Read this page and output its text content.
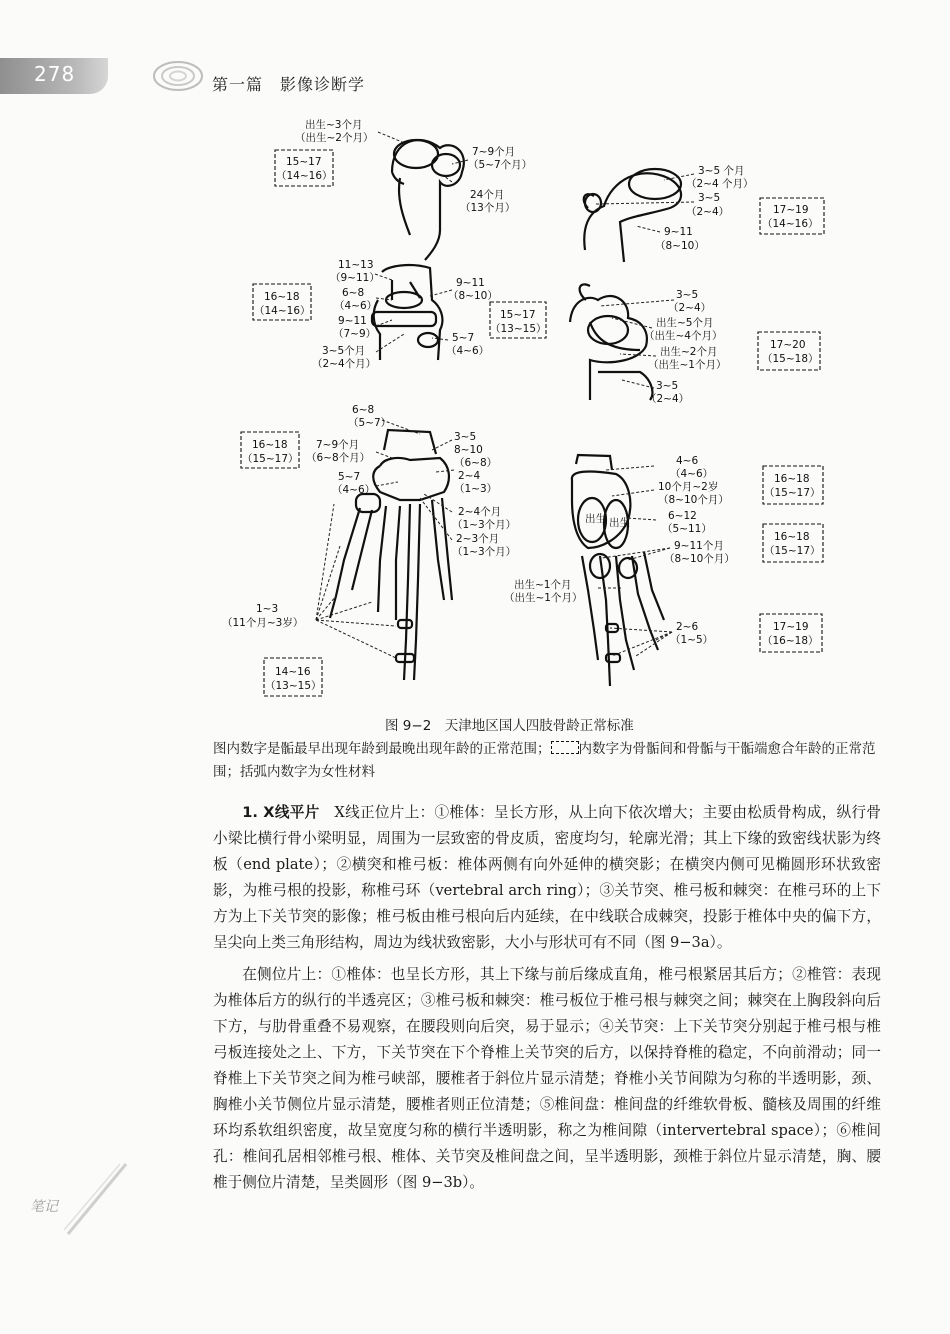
278	第一篇　影像诊断学
出生~3个月
（出生~2个月）
7~9个月
（5~7个月）
24个月
（13个月）
15~17
（14~16）	3~5 个月
（2~4 个月）
3~5
（2~4）
9~11
（8~10）
17~19
（14~16）
11~13
（9~11）
6~8
（4~6）
9~11
（7~9）
3~5个月
（2~4个月）
9~11
（8~10）
5~7
（4~6）
16~18
（14~16）	15~17
（13~15）
3~5
（2~4）
出生~5个月
（出生~4个月）
出生~2个月
（出生~1个月）
3~5
（2~4）
17~20
（15~18）
6~8
（5~7）
7~9个月
（6~8个月）
5~7
（4~6）
3~5
8~10
（6~8）
2~4
（1~3）
2~4个月
（1~3个月）
2~3个月
（1~3个月）
16~18
（15~17）
1~3
（11个月~3岁）
14~16
（13~15）
4~6
（4~6）
10个月~2岁
（8~10个月）
6~12
（5~11）
9~11个月
（8~10个月）
出生~1个月
（出生~1个月）
2~6
（1~5）
出生 出生
16~18
（15~17）
16~18
（15~17）
17~19
（16~18）
图 9−2　天津地区国人四肢骨龄正常标准
图内数字是骺最早出现年龄到最晚出现年龄的正常范围； 内数字为骨骺间和骨骺与干骺端愈合年龄的正常范围；括弧内数字为女性材料

1. X线平片　 X线正位片上：①椎体：呈长方形，从上向下依次增大；主要由松质骨构成，纵行骨小梁比横行骨小梁明显，周围为一层致密的骨皮质，密度均匀，轮廓光滑；其上下缘的致密线状影为终板（end plate）；②横突和椎弓板：椎体两侧有向外延伸的横突影；在横突内侧可见椭圆形环状致密影，为椎弓根的投影，称椎弓环（vertebral arch ring）；③关节突、椎弓板和棘突：在椎弓环的上下方为上下关节突的影像；椎弓板由椎弓根向后内延续，在中线联合成棘突，投影于椎体中央的偏下方，呈尖向上类三角形结构，周边为线状致密影，大小与形状可有不同（图 9−3a）。

在侧位片上：①椎体：也呈长方形，其上下缘与前后缘成直角，椎弓根紧居其后方；②椎管：表现为椎体后方的纵行的半透亮区；③椎弓板和棘突：椎弓板位于椎弓根与棘突之间；棘突在上胸段斜向后下方，与肋骨重叠不易观察，在腰段则向后突，易于显示；④关节突：上下关节突分别起于椎弓根与椎弓板连接处之上、下方，下关节突在下个脊椎上关节突的后方，以保持脊椎的稳定，不向前滑动；同一脊椎上下关节突之间为椎弓峡部，腰椎者于斜位片显示清楚；脊椎小关节间隙为匀称的半透明影，颈、胸椎小关节侧位片显示清楚，腰椎者则正位清楚；⑤椎间盘：椎间盘的纤维软骨板、髓核及周围的纤维环均系软组织密度，故呈宽度匀称的横行半透明影，称之为椎间隙（intervertebral space）；⑥椎间孔：椎间孔居相邻椎弓根、椎体、关节突及椎间盘之间，呈半透明影，颈椎于斜位片显示清楚，胸、腰椎于侧位片清楚，呈类圆形（图 9−3b）。

笔记
